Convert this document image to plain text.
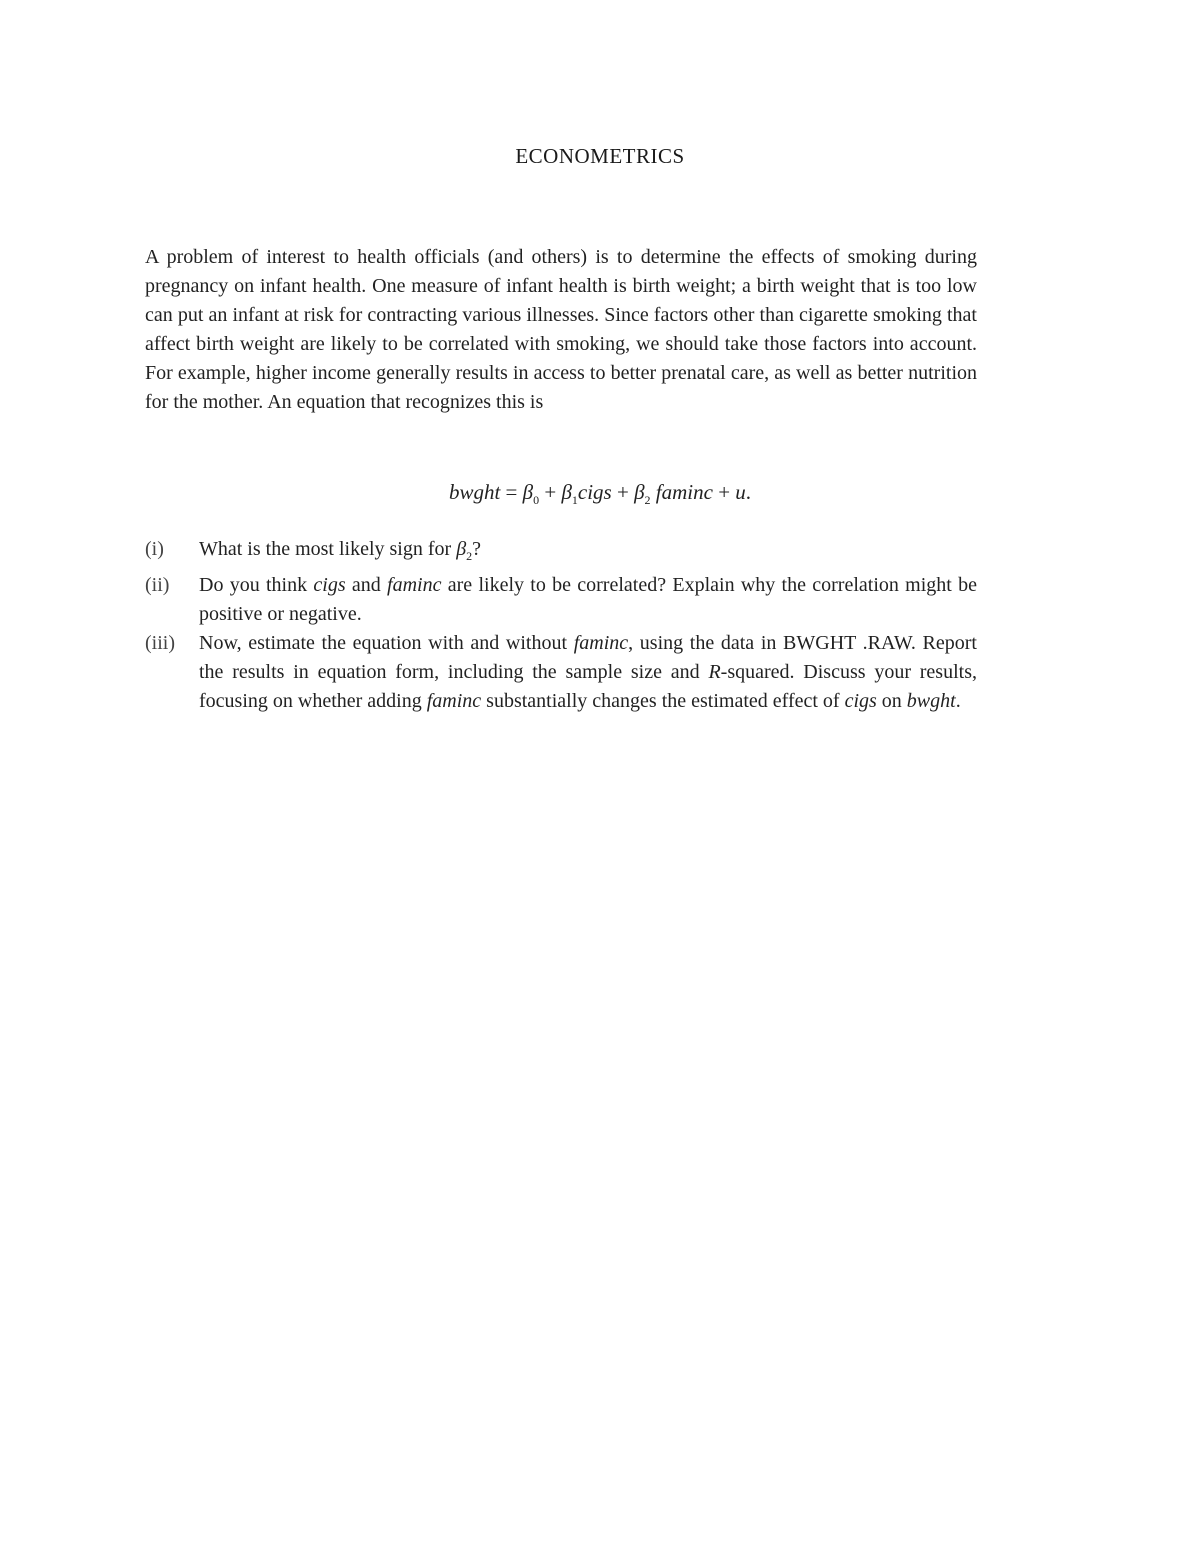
ECONOMETRICS
A problem of interest to health officials (and others) is to determine the effects of smoking during pregnancy on infant health. One measure of infant health is birth weight; a birth weight that is too low can put an infant at risk for contracting various illnesses. Since factors other than cigarette smoking that affect birth weight are likely to be correlated with smoking, we should take those factors into account. For example, higher income generally results in access to better prenatal care, as well as better nutrition for the mother. An equation that recognizes this is
bwght = $\beta_0$ + $\beta_1cigs + \beta_2$ faminc + u.
(i)	What is the most likely sign for $\beta_2$?
(ii)	Do you think cigs and faminc are likely to be correlated? Explain why the correlation might be positive or negative.
(iii)	Now, estimate the equation with and without faminc, using the data in BWGHT .RAW. Report the results in equation form, including the sample size and R-squared. Discuss your results, focusing on whether adding faminc substantially changes the estimated effect of cigs on bwght.
